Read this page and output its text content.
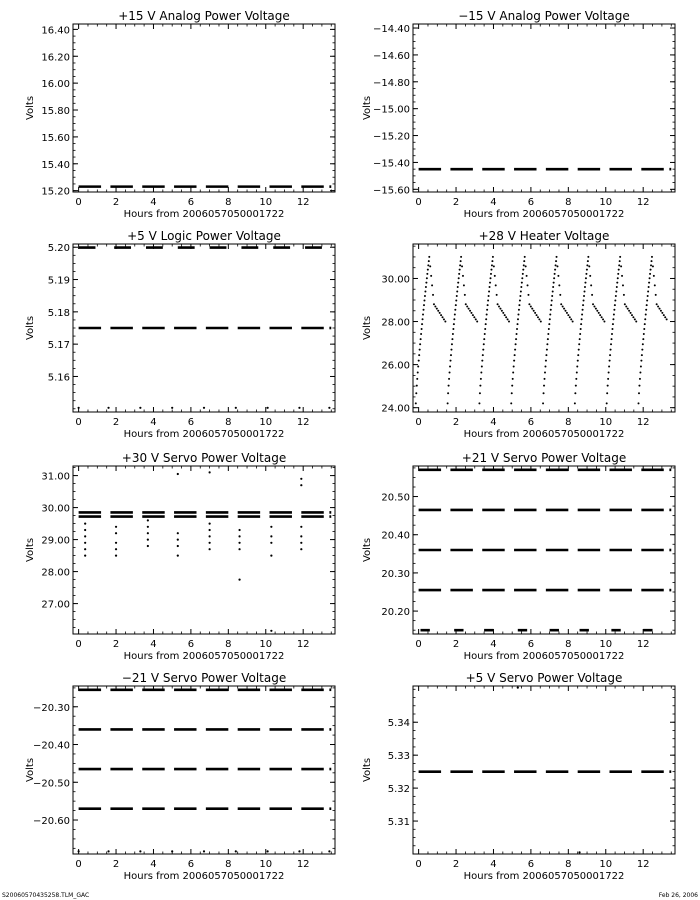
+15 V Analog Power Voltage
0	2	4	6	8	10 12
15.20
15.40
15.60
15.80
16.00
16.20
16.40
Hours from 2006057050001722
Volts
−15 V Analog Power Voltage
0	2	4	6	8	10 12
−15.60
−15.40
−15.20
−15.00
−14.80
−14.60
−14.40
Hours from 2006057050001722
Volts
+5 V Logic Power Voltage
0	2	4	6	8	10 12
5.16
5.17
5.18
5.19
5.20
Hours from 2006057050001722
Volts
+28 V Heater Voltage
0	2	4	6	8	10 12
24.00
26.00
28.00
30.00
Hours from 2006057050001722
Volts
+30 V Servo Power Voltage
0	2	4	6	8	10 12
27.00
28.00
29.00
30.00
31.00
Hours from 2006057050001722
Volts
+21 V Servo Power Voltage
0	2	4	6	8	10 12
20.20
20.30
20.40
20.50
Hours from 2006057050001722
Volts
−21 V Servo Power Voltage
0	2	4	6	8	10 12
−20.60
−20.50
−20.40
−20.30
Hours from 2006057050001722
Volts
+5 V Servo Power Voltage
0	2	4	6	8	10 12
5.31
5.32
5.33
5.34
Hours from 2006057050001722
Volts
S20060570435258.TLM_GAC	Feb 26, 2006
